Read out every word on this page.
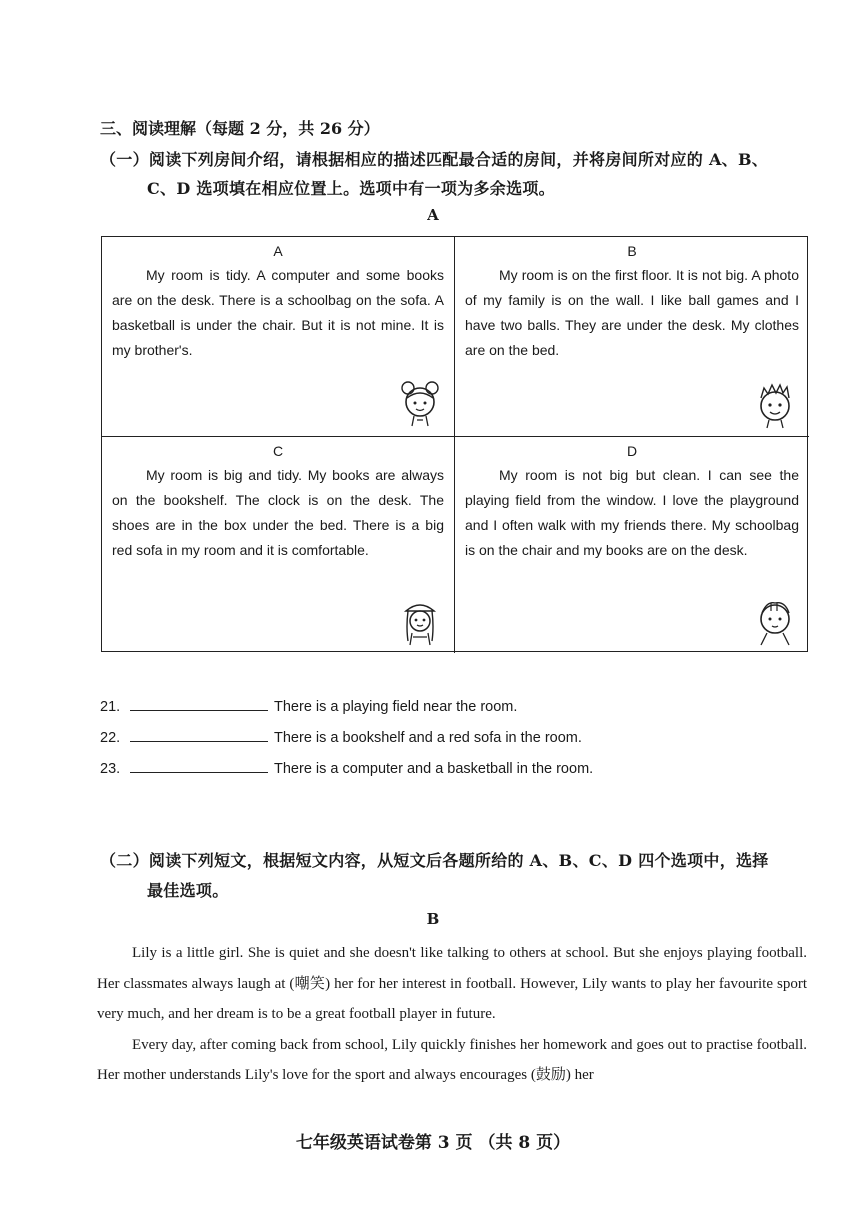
三、阅读理解（每题 2 分，共 26 分）
（一）阅读下列房间介绍，请根据相应的描述匹配最合适的房间，并将房间所对应的 A、B、
C、D 选项填在相应位置上。选项中有一项为多余选项。
A
A
My room is tidy. A computer and some books are on the desk. There is a schoolbag on the sofa. A basketball is under the chair. But it is not mine. It is my brother's.
B
My room is on the first floor. It is not big. A photo of my family is on the wall. I like ball games and I have two balls. They are under the desk. My clothes are on the bed.
C
My room is big and tidy. My books are always on the bookshelf. The clock is on the desk. The shoes are in the box under the bed. There is a big red sofa in my room and it is comfortable.
D
My room is not big but clean. I can see the playing field from the window. I love the playground and I often walk with my friends there. My schoolbag is on the chair and my books are on the desk.
21.	There is a playing field near the room.
22.	There is a bookshelf and a red sofa in the room.
23.	There is a computer and a basketball in the room.
（二）阅读下列短文，根据短文内容，从短文后各题所给的 A、B、C、D 四个选项中，选择
最佳选项。
B

Lily is a little girl. She is quiet and she doesn't like talking to others at school. But she enjoys playing football. Her classmates always laugh at (嘲笑) her for her interest in football. However, Lily wants to play her favourite sport very much, and her dream is to be a great football player in future.

Every day, after coming back from school, Lily quickly finishes her homework and goes out to practise football. Her mother understands Lily's love for the sport and always encourages (鼓励) her

七年级英语试卷第 3 页 （共 8 页）
